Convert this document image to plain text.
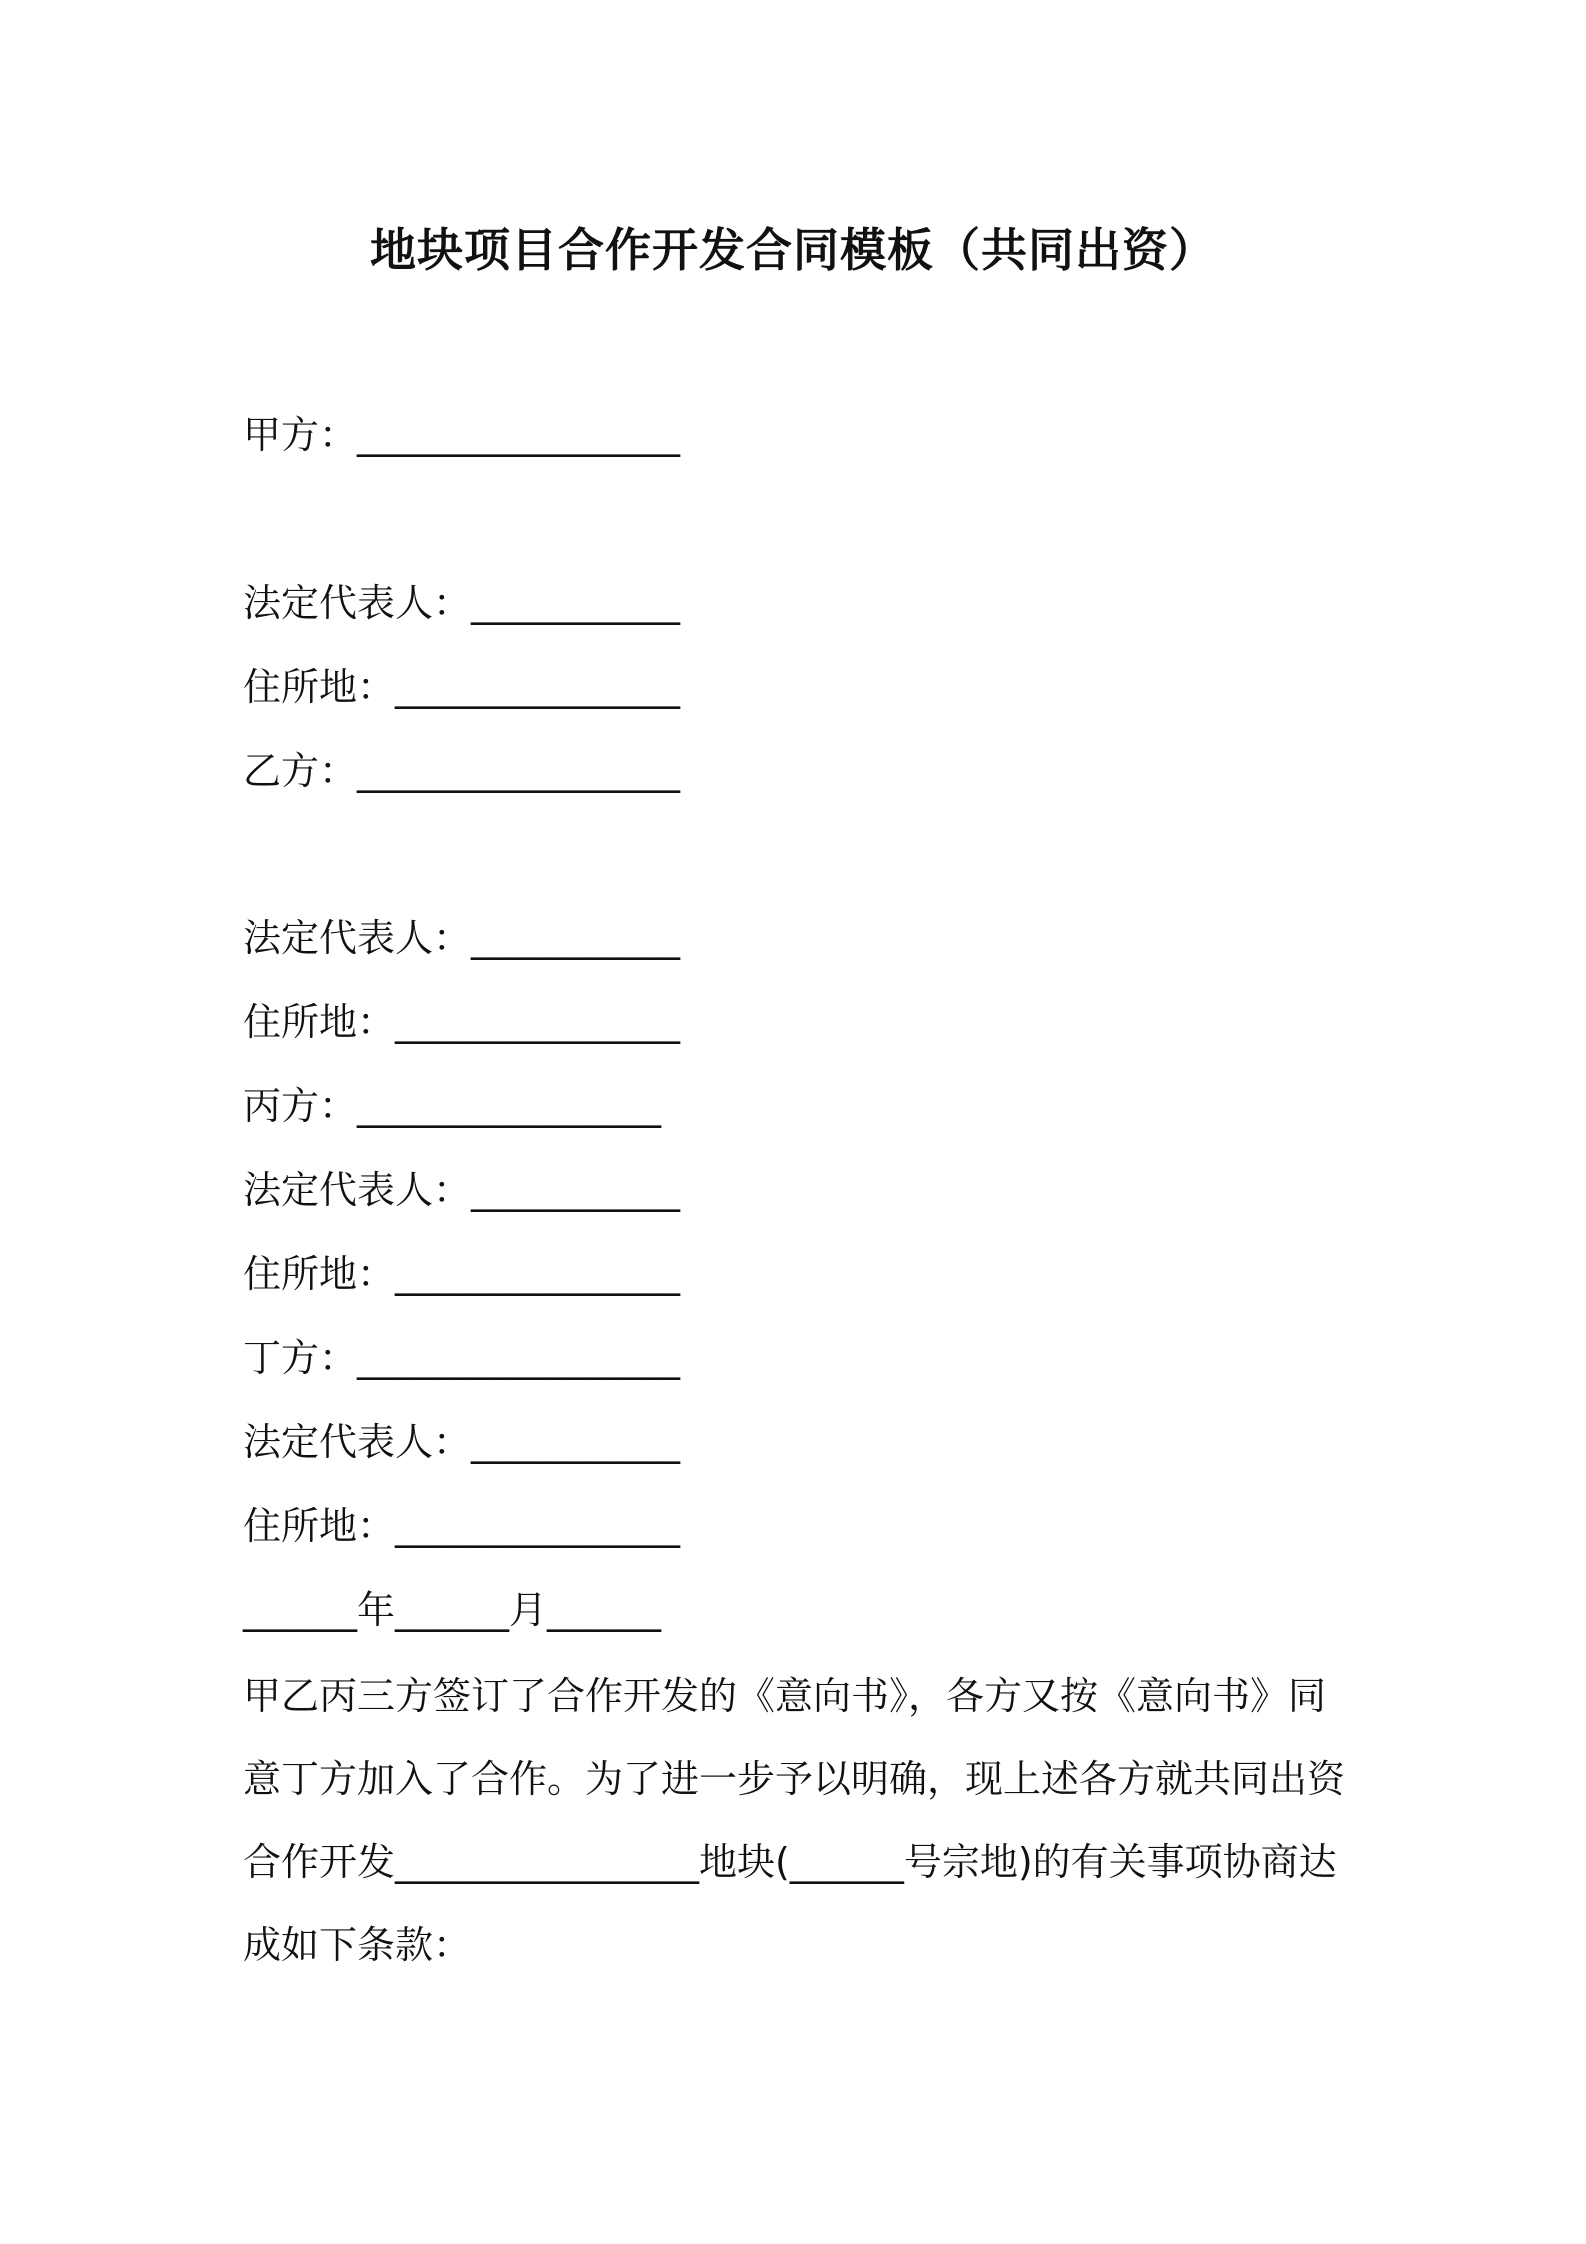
地块项目合作开发合同模板（共同出资）
甲方：_________________
法定代表人：___________
住所地：_______________
乙方：_________________
法定代表人：___________
住所地：_______________
丙方：________________
法定代表人：___________
住所地：_______________
丁方：_________________
法定代表人：___________
住所地：_______________
______年______月______
甲乙丙三方签订了合作开发的《意向书》，各方又按《意向书》同意丁方加入了合作。为了进一步予以明确，现上述各方就共同出资合作开发________________地块(______号宗地)的有关事项协商达成如下条款：
